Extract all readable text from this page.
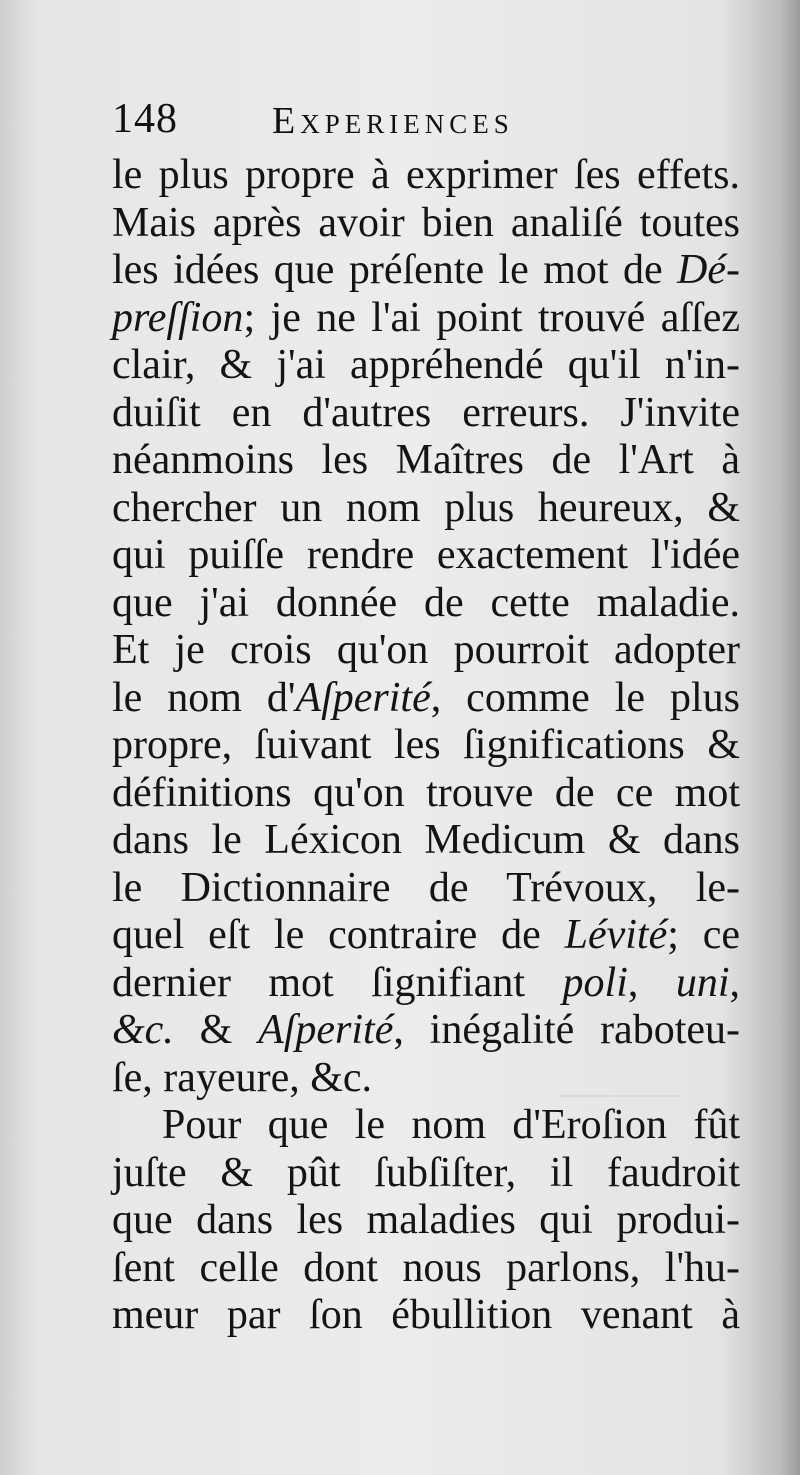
148 Experiences
le plus propre à exprimer ſes effets.
Mais après avoir bien analiſé toutes
les idées que préſente le mot de Dé-
preſſion; je ne l'ai point trouvé aſſez
clair, & j'ai appréhendé qu'il n'in-
duiſit en d'autres erreurs. J'invite
néanmoins les Maîtres de l'Art à
chercher un nom plus heureux, &
qui puiſſe rendre exactement l'idée
que j'ai donnée de cette maladie.
Et je crois qu'on pourroit adopter
le nom d'Aſperité, comme le plus
propre, ſuivant les ſignifications &
définitions qu'on trouve de ce mot
dans le Léxicon Medicum & dans
le Dictionnaire de Trévoux, le-
quel eſt le contraire de Lévité; ce
dernier mot ſignifiant poli, uni,
&c. & Aſperité, inégalité raboteu-
ſe, rayeure, &c.
Pour que le nom d'Eroſion fût
juſte & pût ſubſiſter, il faudroit
que dans les maladies qui produi-
ſent celle dont nous parlons, l'hu-
meur par ſon ébullition venant à
